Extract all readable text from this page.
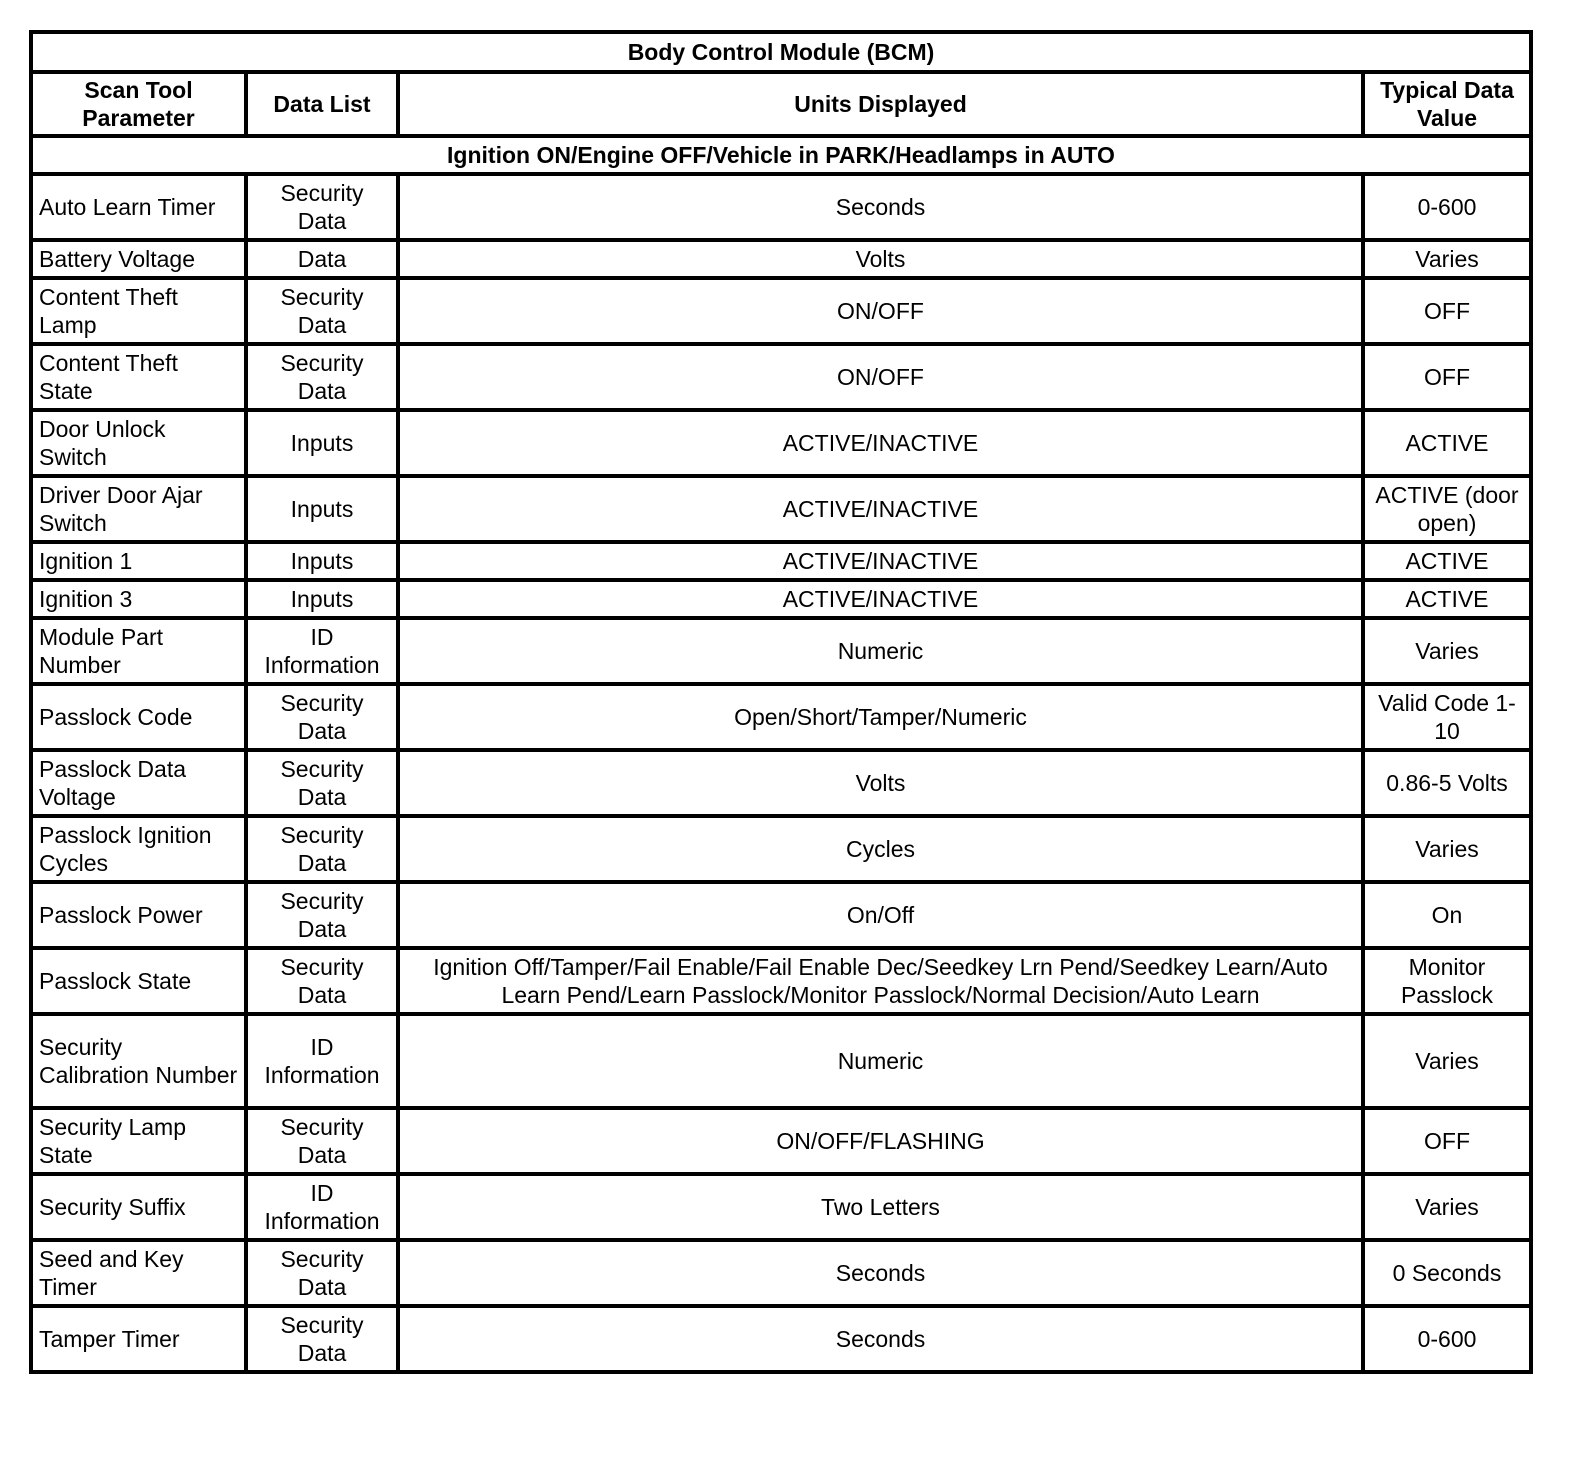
Body Control Module (BCM)			
Scan Tool Parameter	Data List	Units Displayed	Typical Data Value
Ignition ON/Engine OFF/Vehicle in PARK/Headlamps in AUTO			
Auto Learn Timer	Security Data	Seconds	0-600
Battery Voltage	Data	Volts	Varies
Content Theft Lamp	Security Data	ON/OFF	OFF
Content Theft State	Security Data	ON/OFF	OFF
Door Unlock Switch	Inputs	ACTIVE/INACTIVE	ACTIVE
Driver Door Ajar Switch	Inputs	ACTIVE/INACTIVE	ACTIVE (door open)
Ignition 1	Inputs	ACTIVE/INACTIVE	ACTIVE
Ignition 3	Inputs	ACTIVE/INACTIVE	ACTIVE
Module Part Number	ID Information	Numeric	Varies
Passlock Code	Security Data	Open/Short/Tamper/Numeric	Valid Code 1-10
Passlock Data Voltage	Security Data	Volts	0.86-5 Volts
Passlock Ignition Cycles	Security Data	Cycles	Varies
Passlock Power	Security Data	On/Off	On
Passlock State	Security Data	Ignition Off/Tamper/Fail Enable/Fail Enable Dec/Seedkey Lrn Pend/Seedkey Learn/Auto Learn Pend/Learn Passlock/Monitor Passlock/Normal Decision/Auto Learn	Monitor Passlock
Security Calibration Number	ID Information	Numeric	Varies
Security Lamp State	Security Data	ON/OFF/FLASHING	OFF
Security Suffix	ID Information	Two Letters	Varies
Seed and Key Timer	Security Data	Seconds	0 Seconds
Tamper Timer	Security Data	Seconds	0-600
